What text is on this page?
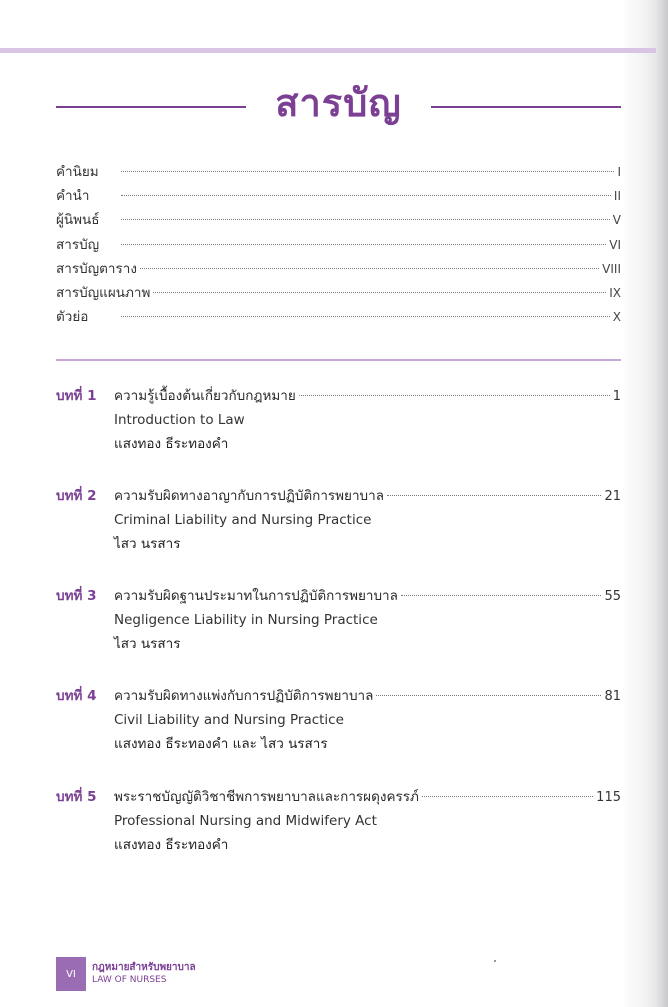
สารบัญ
คำนิยม	I
คำนำ	II
ผู้นิพนธ์	V
สารบัญ	VI
สารบัญตาราง	VIII
สารบัญแผนภาพ	IX
ตัวย่อ	X
บทที่ 1	ความรู้เบื้องต้นเกี่ยวกับกฎหมาย	1
Introduction to Law
แสงทอง ธีระทองคำ
บทที่ 2	ความรับผิดทางอาญากับการปฏิบัติการพยาบาล	21
Criminal Liability and Nursing Practice
ไสว นรสาร
บทที่ 3	ความรับผิดฐานประมาทในการปฏิบัติการพยาบาล	55
Negligence Liability in Nursing Practice
ไสว นรสาร
บทที่ 4	ความรับผิดทางแพ่งกับการปฏิบัติการพยาบาล	81
Civil Liability and Nursing Practice
แสงทอง ธีระทองคำ และ ไสว นรสาร
บทที่ 5	พระราชบัญญัติวิชาชีพการพยาบาลและการผดุงครรภ์	115
Professional Nursing and Midwifery Act
แสงทอง ธีระทองคำ
VI
กฎหมายสำหรับพยาบาล
LAW OF NURSES
